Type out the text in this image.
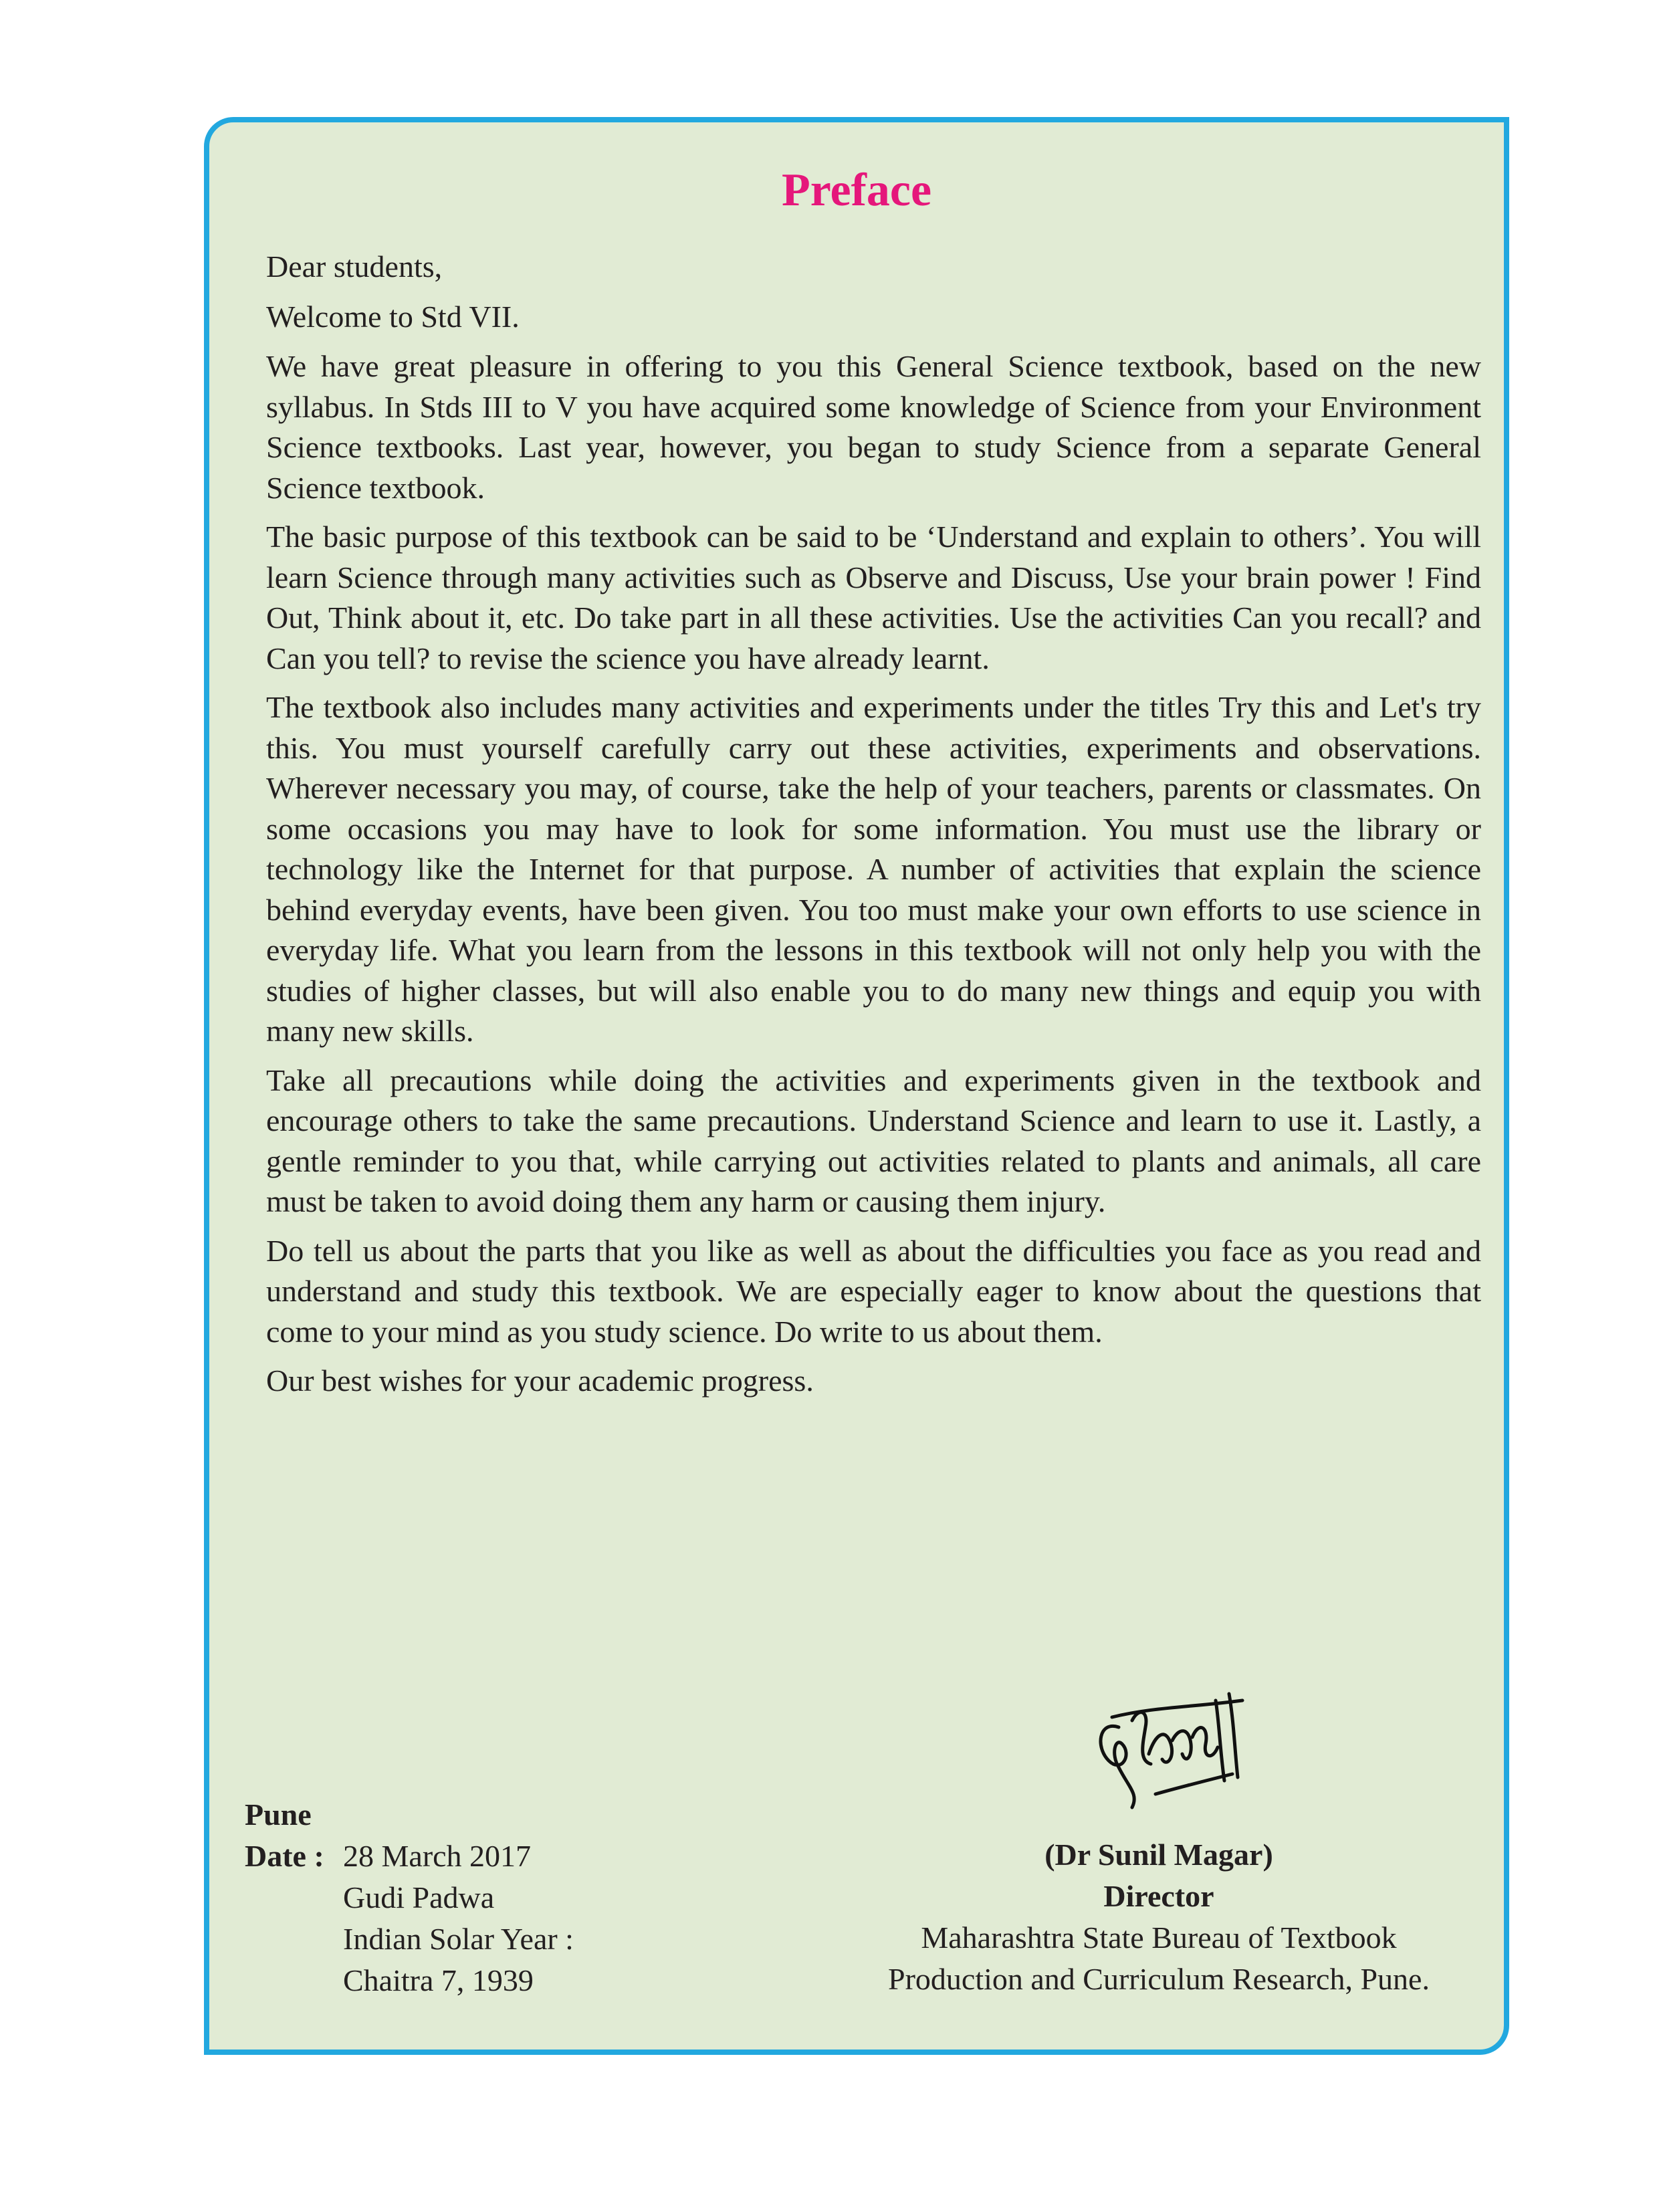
Preface

Dear students,

Welcome to Std VII.

We have great pleasure in offering to you this General Science textbook, based on the new syllabus. In Stds III to V you have acquired some knowledge of Science from your Environment Science textbooks. Last year, however, you began to study Science from a separate General Science textbook.

The basic purpose of this textbook can be said to be ‘Understand and explain to others’. You will learn Science through many activities such as Observe and Discuss, Use your brain power ! Find Out, Think about it, etc. Do take part in all these activities. Use the activities Can you recall? and Can you tell? to revise the science you have already learnt.

The textbook also includes many activities and experiments under the titles Try this and Let's try this. You must yourself carefully carry out these activities, experiments and observations. Wherever necessary you may, of course, take the help of your teachers, parents or classmates. On some occasions you may have to look for some information. You must use the library or technology like the Internet for that purpose. A number of activities that explain the science behind everyday events, have been given. You too must make your own efforts to use science in everyday life. What you learn from the lessons in this textbook will not only help you with the studies of higher classes, but will also enable you to do many new things and equip you with many new skills.

Take all precautions while doing the activities and experiments given in the textbook and encourage others to take the same precautions. Understand Science and learn to use it. Lastly, a gentle reminder to you that, while carrying out activities related to plants and animals, all care must be taken to avoid doing them any harm or causing them injury.

Do tell us about the parts that you like as well as about the difficulties you face as you read and understand and study this textbook. We are especially eager to know about the questions that come to your mind as you study science. Do write to us about them.

Our best wishes for your academic progress.

Pune
Date : 28 March 2017
Gudi Padwa
Indian Solar Year :
Chaitra 7, 1939
(Dr Sunil Magar)
Director
Maharashtra State Bureau of Textbook
Production and Curriculum Research, Pune.
